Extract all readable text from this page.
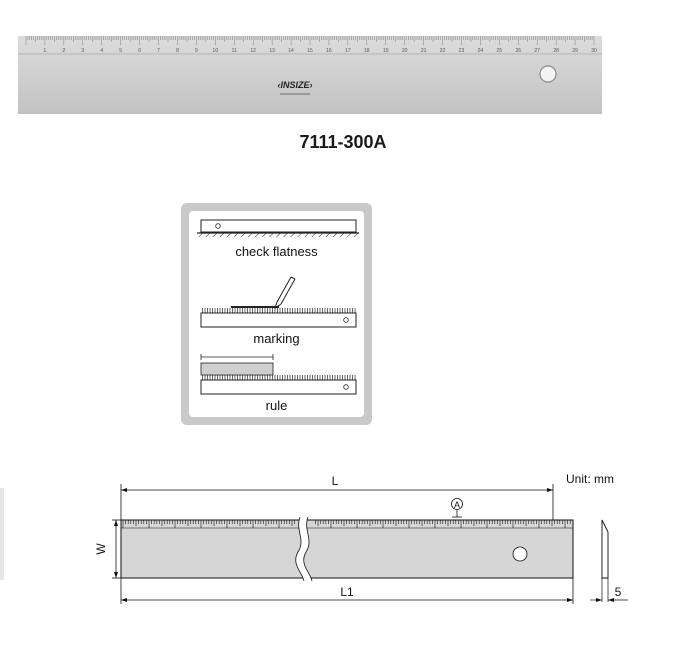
1	2	3	4	5	6	7	8	9	10	11	12	13	14	15	16	17	18	19	20	21	22	23	24	25	26	27	28	29	30
‹INSIZE›
7111-300A
check flatness
marking
rule
Unit: mm
L
A
W
L1	5
